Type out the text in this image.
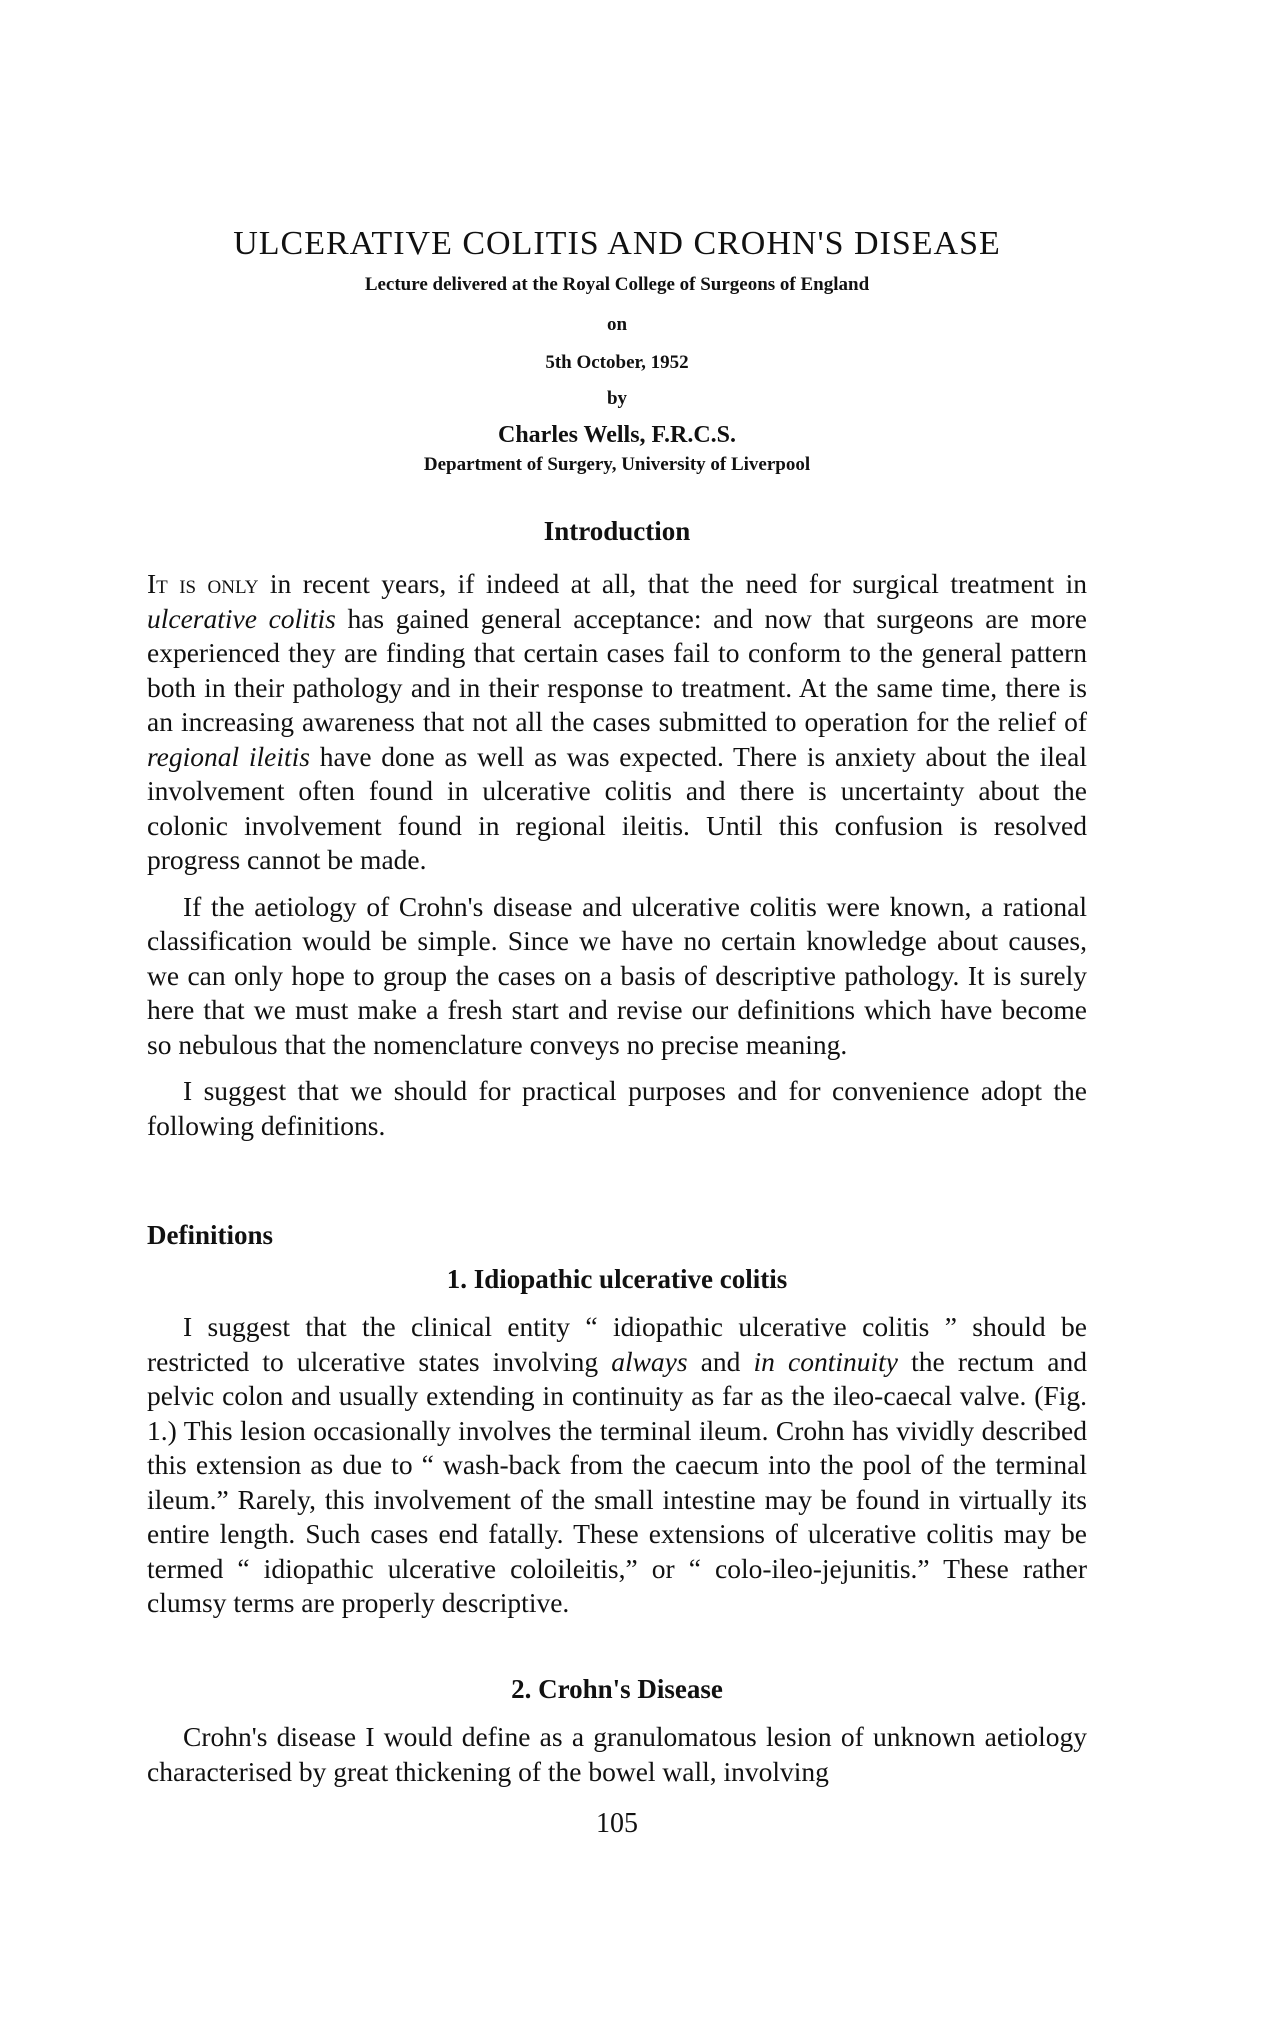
ULCERATIVE COLITIS AND CROHN'S DISEASE
Lecture delivered at the Royal College of Surgeons of England
on
5th October, 1952
by
Charles Wells, F.R.C.S.
Department of Surgery, University of Liverpool
Introduction

It is only in recent years, if indeed at all, that the need for surgical treatment in ulcerative colitis has gained general acceptance: and now that surgeons are more experienced they are finding that certain cases fail to conform to the general pattern both in their pathology and in their response to treatment. At the same time, there is an increasing awareness that not all the cases submitted to operation for the relief of regional ileitis have done as well as was expected. There is anxiety about the ileal involvement often found in ulcerative colitis and there is uncertainty about the colonic involvement found in regional ileitis. Until this confusion is resolved progress cannot be made.

If the aetiology of Crohn's disease and ulcerative colitis were known, a rational classification would be simple. Since we have no certain knowledge about causes, we can only hope to group the cases on a basis of descriptive pathology. It is surely here that we must make a fresh start and revise our definitions which have become so nebulous that the nomenclature conveys no precise meaning.

I suggest that we should for practical purposes and for convenience adopt the following definitions.

Definitions
1. Idiopathic ulcerative colitis

I suggest that the clinical entity “ idiopathic ulcerative colitis ” should be restricted to ulcerative states involving always and in continuity the rectum and pelvic colon and usually extending in continuity as far as the ileo-caecal valve. (Fig. 1.) This lesion occasionally involves the terminal ileum. Crohn has vividly described this extension as due to “ wash-back from the caecum into the pool of the terminal ileum.” Rarely, this involvement of the small intestine may be found in virtually its entire length. Such cases end fatally. These extensions of ulcerative colitis may be termed “ idiopathic ulcerative coloileitis,” or “ colo-ileo-jejunitis.” These rather clumsy terms are properly descriptive.

2. Crohn's Disease

Crohn's disease I would define as a granulomatous lesion of unknown aetiology characterised by great thickening of the bowel wall, involving

105
